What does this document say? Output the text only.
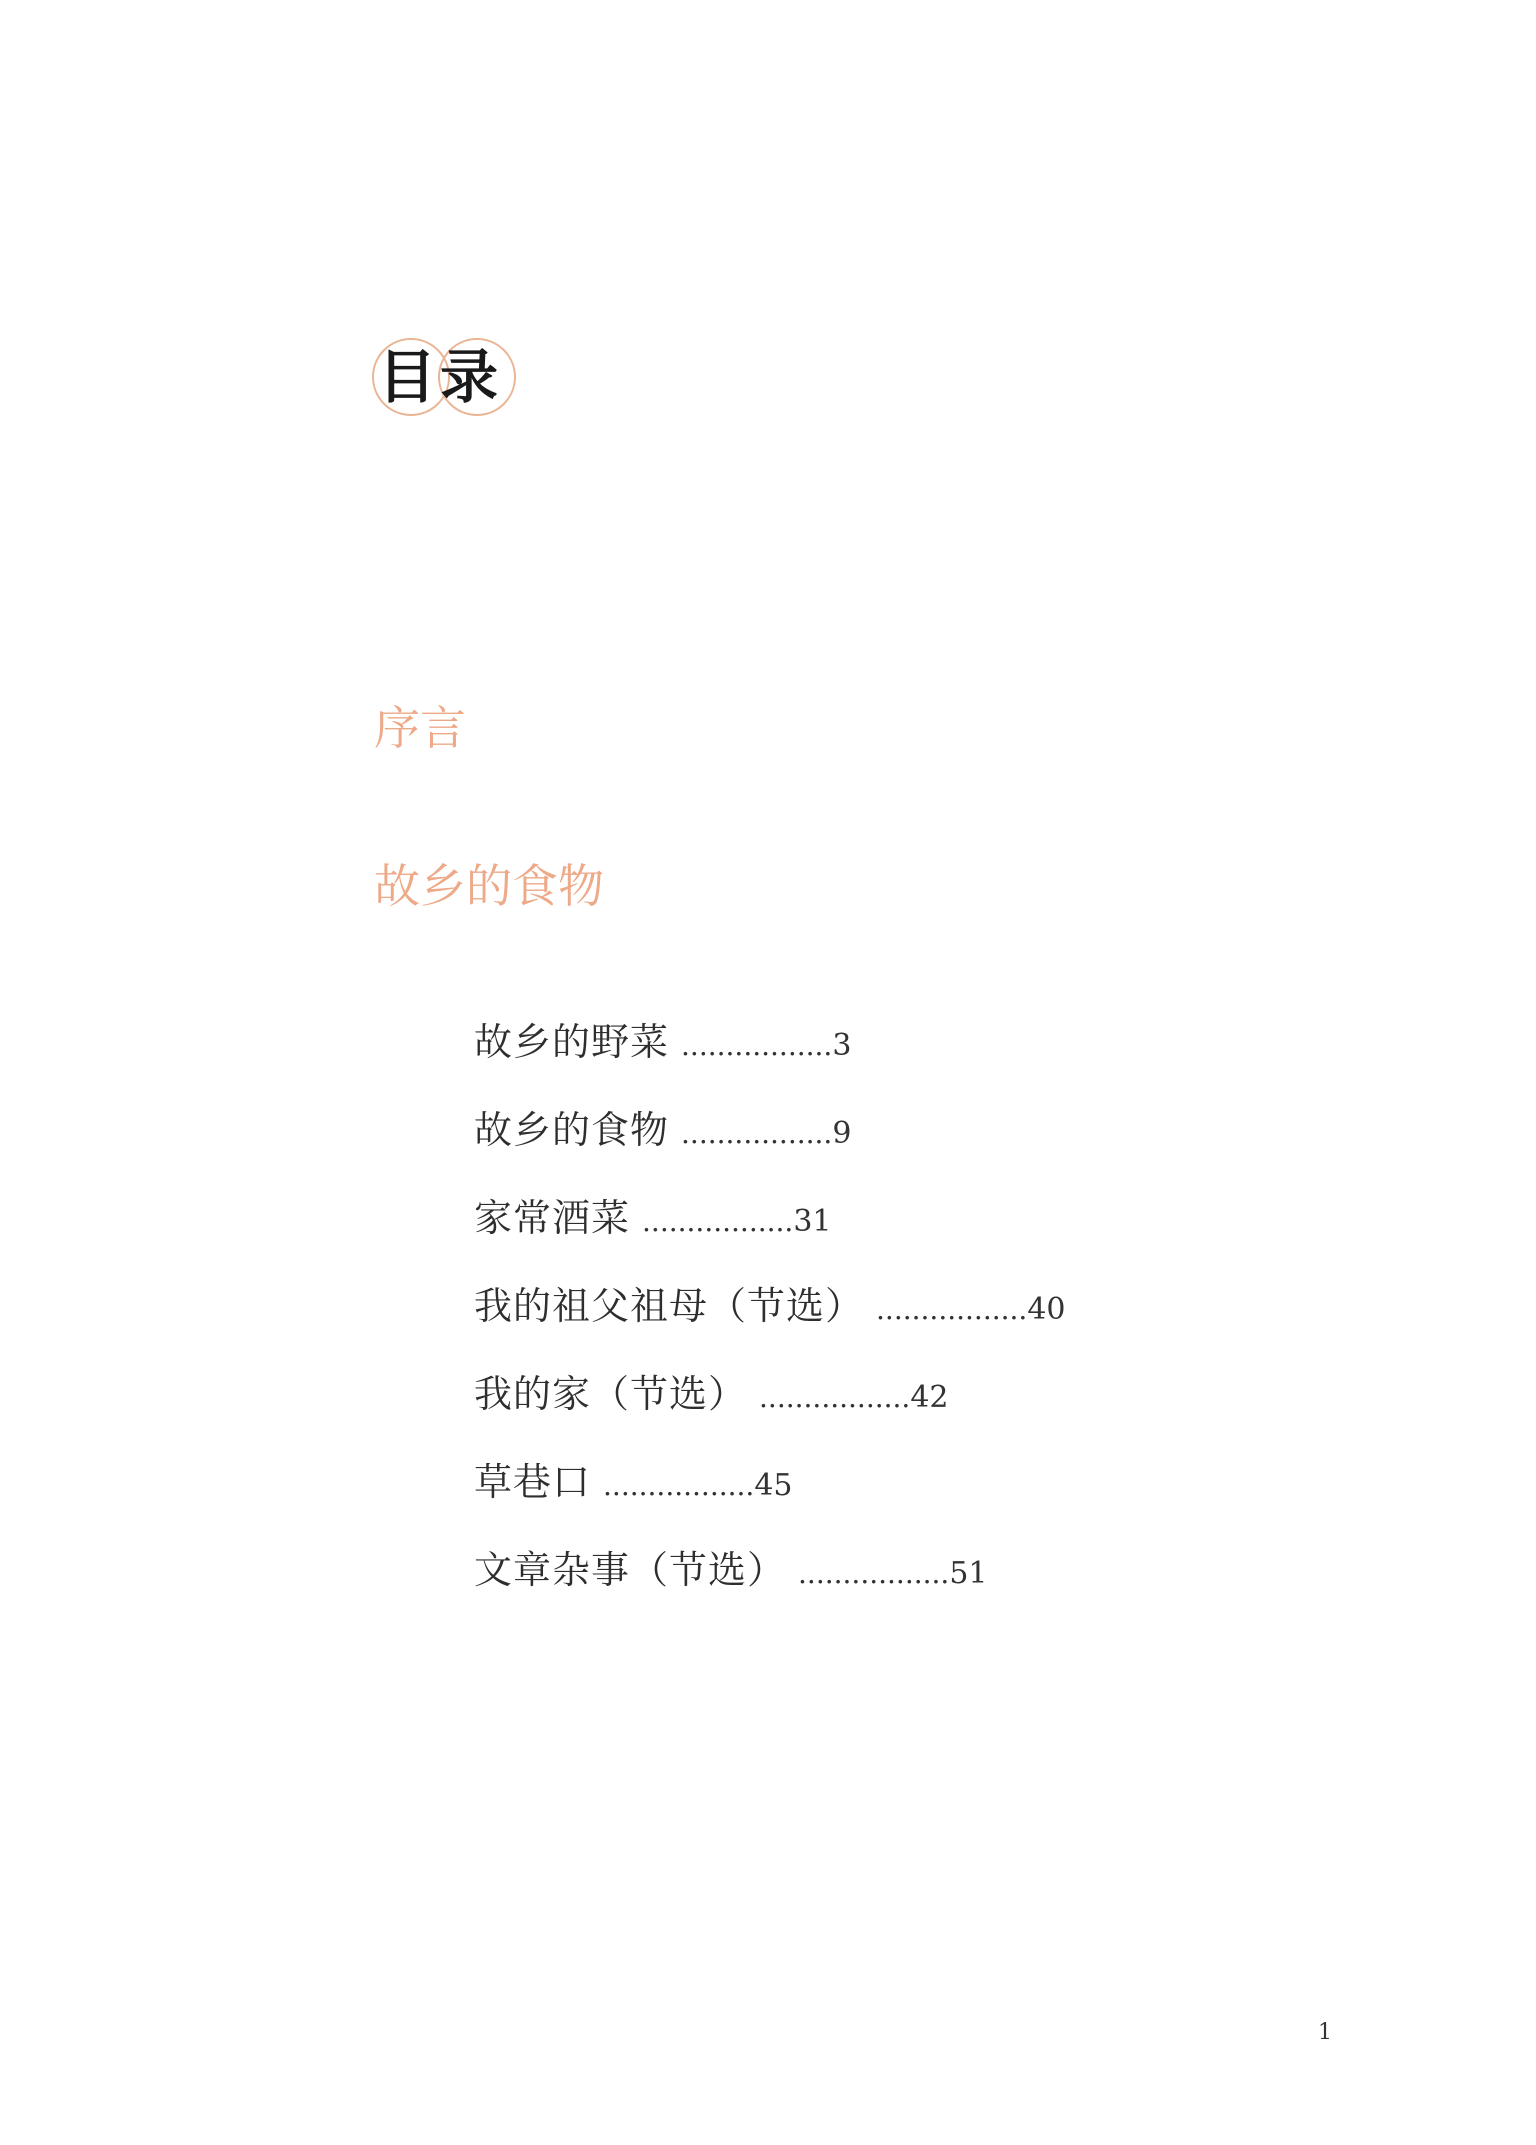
目录
序言
故乡的食物
故乡的野菜 ................. 3
故乡的食物 ................. 9
家常酒菜 ................. 31
我的祖父祖母（节选） ................. 40
我的家（节选） ................. 42
草巷口 ................. 45
文章杂事（节选） ................. 51
1
